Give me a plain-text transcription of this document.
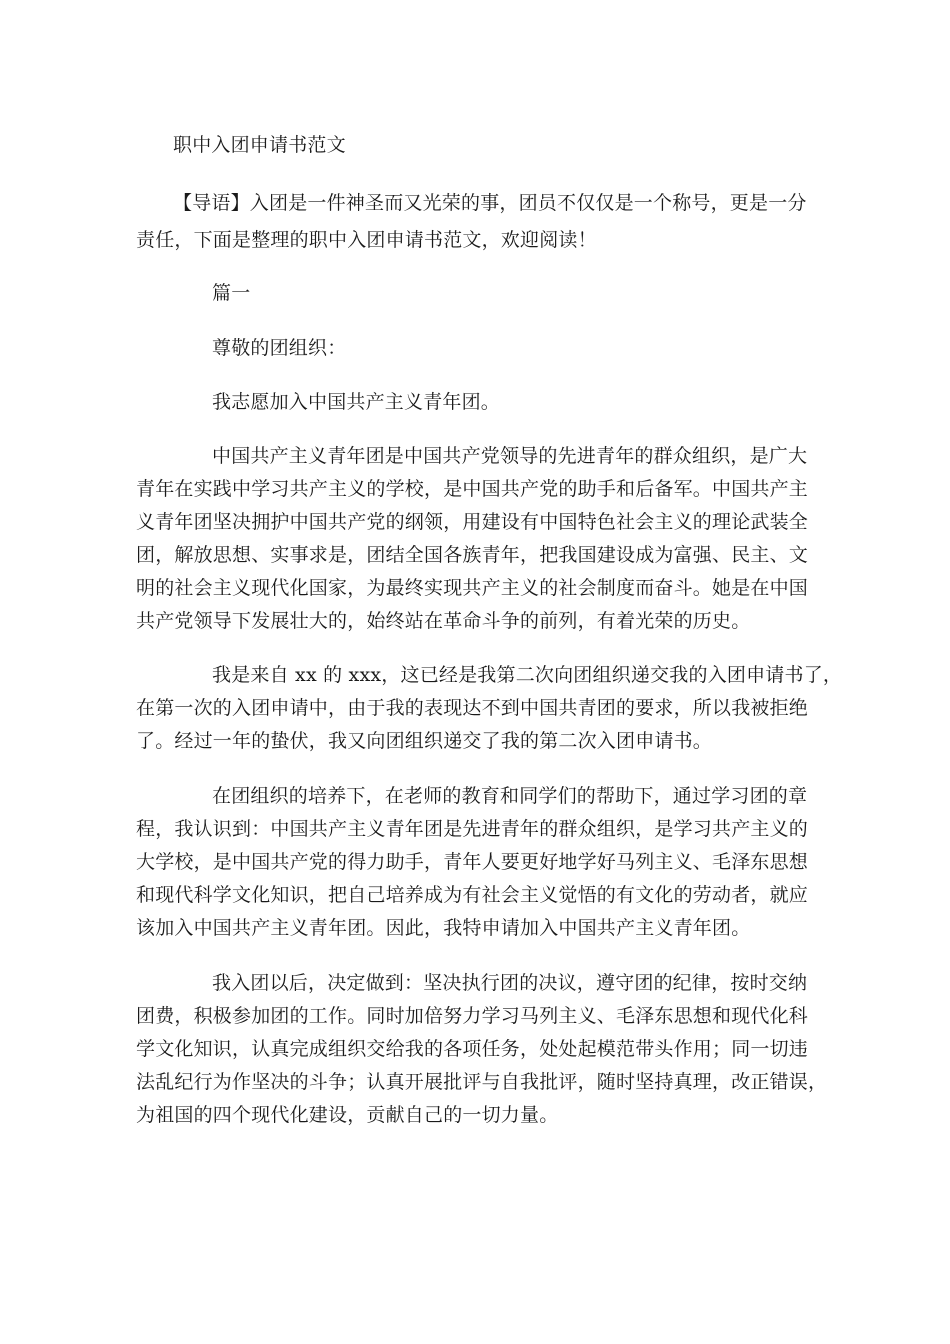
职中入团申请书范文
【导语】入团是一件神圣而又光荣的事，团员不仅仅是一个称号，更是一分
责任，下面是整理的职中入团申请书范文，欢迎阅读！
篇一
尊敬的团组织：
我志愿加入中国共产主义青年团。
中国共产主义青年团是中国共产党领导的先进青年的群众组织，是广大
青年在实践中学习共产主义的学校，是中国共产党的助手和后备军。中国共产主
义青年团坚决拥护中国共产党的纲领，用建设有中国特色社会主义的理论武装全
团，解放思想、实事求是，团结全国各族青年，把我国建设成为富强、民主、文
明的社会主义现代化国家，为最终实现共产主义的社会制度而奋斗。她是在中国
共产党领导下发展壮大的，始终站在革命斗争的前列，有着光荣的历史。
我是来自 xx 的 xxx，这已经是我第二次向团组织递交我的入团申请书了，
在第一次的入团申请中，由于我的表现达不到中国共青团的要求，所以我被拒绝
了。经过一年的蛰伏，我又向团组织递交了我的第二次入团申请书。
在团组织的培养下，在老师的教育和同学们的帮助下，通过学习团的章
程，我认识到：中国共产主义青年团是先进青年的群众组织，是学习共产主义的
大学校，是中国共产党的得力助手，青年人要更好地学好马列主义、毛泽东思想
和现代科学文化知识，把自己培养成为有社会主义觉悟的有文化的劳动者，就应
该加入中国共产主义青年团。因此，我特申请加入中国共产主义青年团。
我入团以后，决定做到：坚决执行团的决议，遵守团的纪律，按时交纳
团费，积极参加团的工作。同时加倍努力学习马列主义、毛泽东思想和现代化科
学文化知识，认真完成组织交给我的各项任务，处处起模范带头作用；同一切违
法乱纪行为作坚决的斗争；认真开展批评与自我批评，随时坚持真理，改正错误，
为祖国的四个现代化建设，贡献自己的一切力量。
